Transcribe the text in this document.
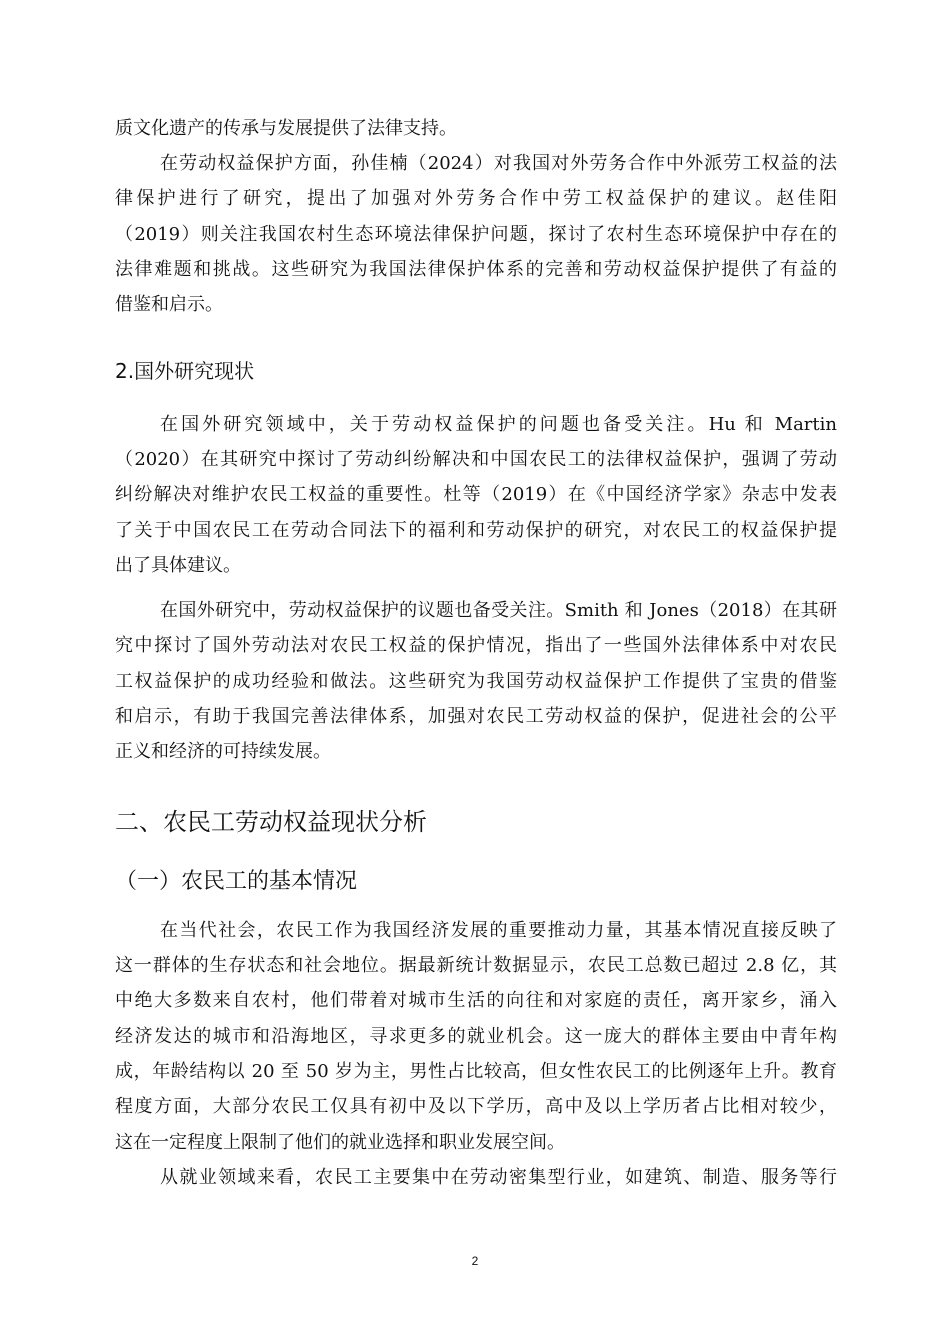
质文化遗产的传承与发展提供了法律支持。
在劳动权益保护方面，孙佳楠（2024）对我国对外劳务合作中外派劳工权益的法
律保护进行了研究，提出了加强对外劳务合作中劳工权益保护的建议。赵佳阳
（2019）则关注我国农村生态环境法律保护问题，探讨了农村生态环境保护中存在的
法律难题和挑战。这些研究为我国法律保护体系的完善和劳动权益保护提供了有益的
借鉴和启示。
2.国外研究现状
在国外研究领域中，关于劳动权益保护的问题也备受关注。Hu 和 Martin
（2020）在其研究中探讨了劳动纠纷解决和中国农民工的法律权益保护，强调了劳动
纠纷解决对维护农民工权益的重要性。杜等（2019）在《中国经济学家》杂志中发表
了关于中国农民工在劳动合同法下的福利和劳动保护的研究，对农民工的权益保护提
出了具体建议。
在国外研究中，劳动权益保护的议题也备受关注。Smith 和 Jones（2018）在其研
究中探讨了国外劳动法对农民工权益的保护情况，指出了一些国外法律体系中对农民
工权益保护的成功经验和做法。这些研究为我国劳动权益保护工作提供了宝贵的借鉴
和启示，有助于我国完善法律体系，加强对农民工劳动权益的保护，促进社会的公平
正义和经济的可持续发展。
二、农民工劳动权益现状分析
（一）农民工的基本情况
在当代社会，农民工作为我国经济发展的重要推动力量，其基本情况直接反映了
这一群体的生存状态和社会地位。据最新统计数据显示，农民工总数已超过 2.8 亿，其
中绝大多数来自农村，他们带着对城市生活的向往和对家庭的责任，离开家乡，涌入
经济发达的城市和沿海地区，寻求更多的就业机会。这一庞大的群体主要由中青年构
成，年龄结构以 20 至 50 岁为主，男性占比较高，但女性农民工的比例逐年上升。教育
程度方面，大部分农民工仅具有初中及以下学历，高中及以上学历者占比相对较少，
这在一定程度上限制了他们的就业选择和职业发展空间。
从就业领域来看，农民工主要集中在劳动密集型行业，如建筑、制造、服务等行
2
